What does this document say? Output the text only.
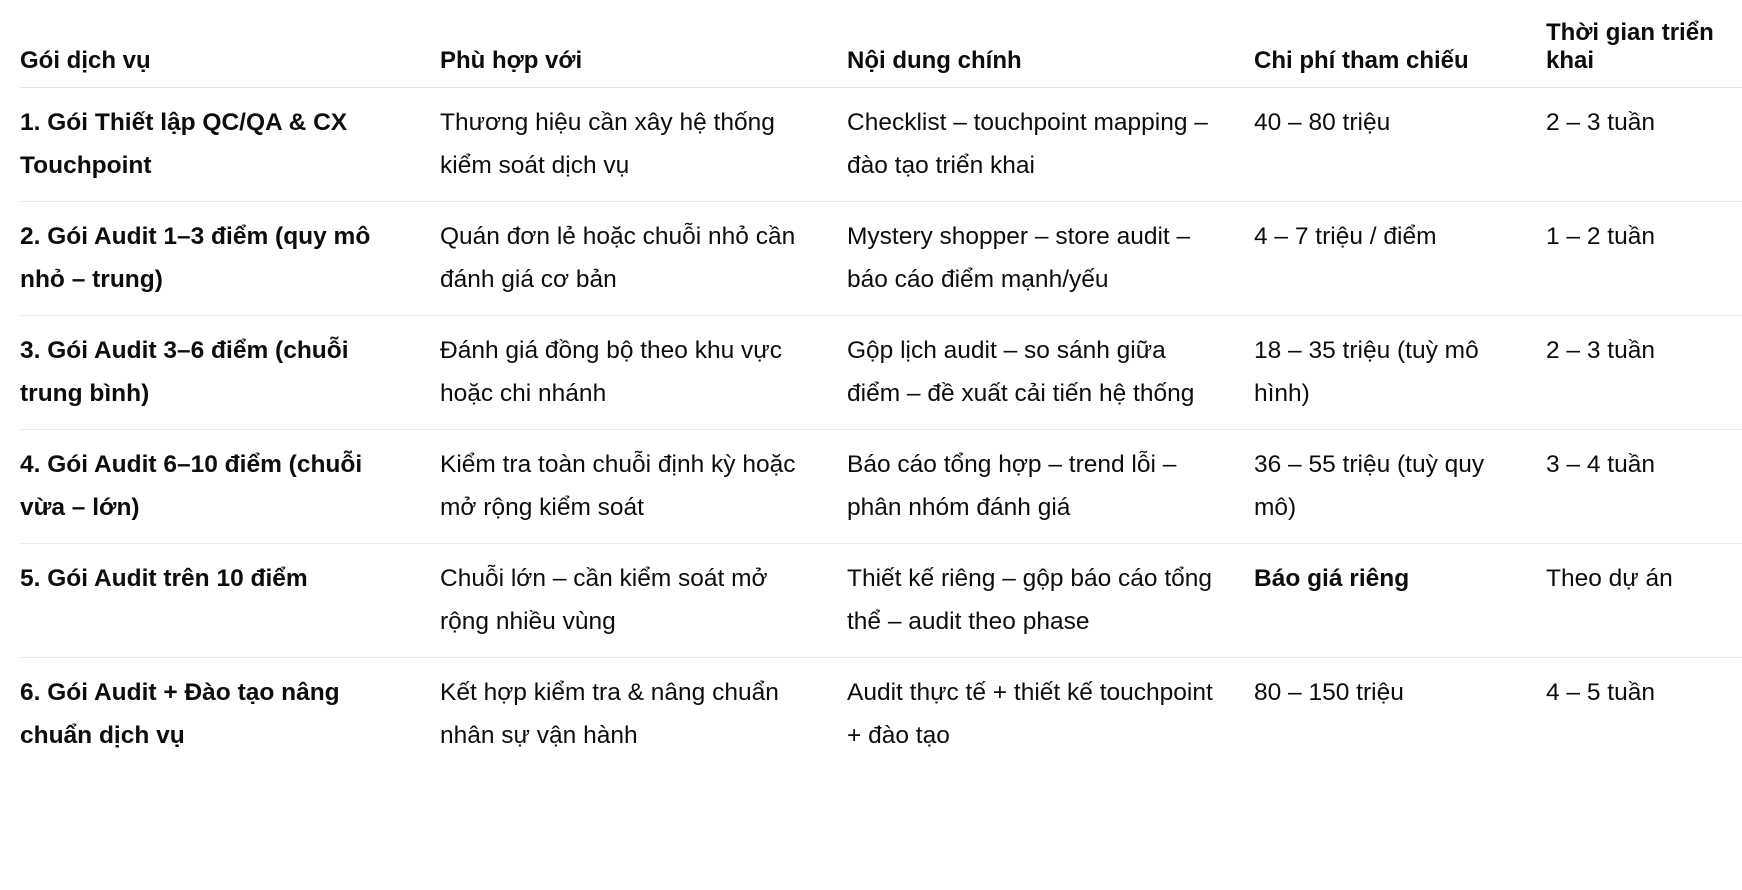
Gói dịch vụ	Phù hợp với	Nội dung chính	Chi phí tham chiếu	Thời gian triển khai
1. Gói Thiết lập QC/QA & CX Touchpoint	Thương hiệu cần xây hệ thống kiểm soát dịch vụ	Checklist – touchpoint mapping – đào tạo triển khai	40 – 80 triệu	2 – 3 tuần
2. Gói Audit 1–3 điểm (quy mô nhỏ – trung)	Quán đơn lẻ hoặc chuỗi nhỏ cần đánh giá cơ bản	Mystery shopper – store audit – báo cáo điểm mạnh/yếu	4 – 7 triệu / điểm	1 – 2 tuần
3. Gói Audit 3–6 điểm (chuỗi trung bình)	Đánh giá đồng bộ theo khu vực hoặc chi nhánh	Gộp lịch audit – so sánh giữa điểm – đề xuất cải tiến hệ thống	18 – 35 triệu (tuỳ mô hình)	2 – 3 tuần
4. Gói Audit 6–10 điểm (chuỗi vừa – lớn)	Kiểm tra toàn chuỗi định kỳ hoặc mở rộng kiểm soát	Báo cáo tổng hợp – trend lỗi – phân nhóm đánh giá	36 – 55 triệu (tuỳ quy mô)	3 – 4 tuần
5. Gói Audit trên 10 điểm	Chuỗi lớn – cần kiểm soát mở rộng nhiều vùng	Thiết kế riêng – gộp báo cáo tổng thể – audit theo phase	Báo giá riêng	Theo dự án
6. Gói Audit + Đào tạo nâng chuẩn dịch vụ	Kết hợp kiểm tra & nâng chuẩn nhân sự vận hành	Audit thực tế + thiết kế touchpoint + đào tạo	80 – 150 triệu	4 – 5 tuần
